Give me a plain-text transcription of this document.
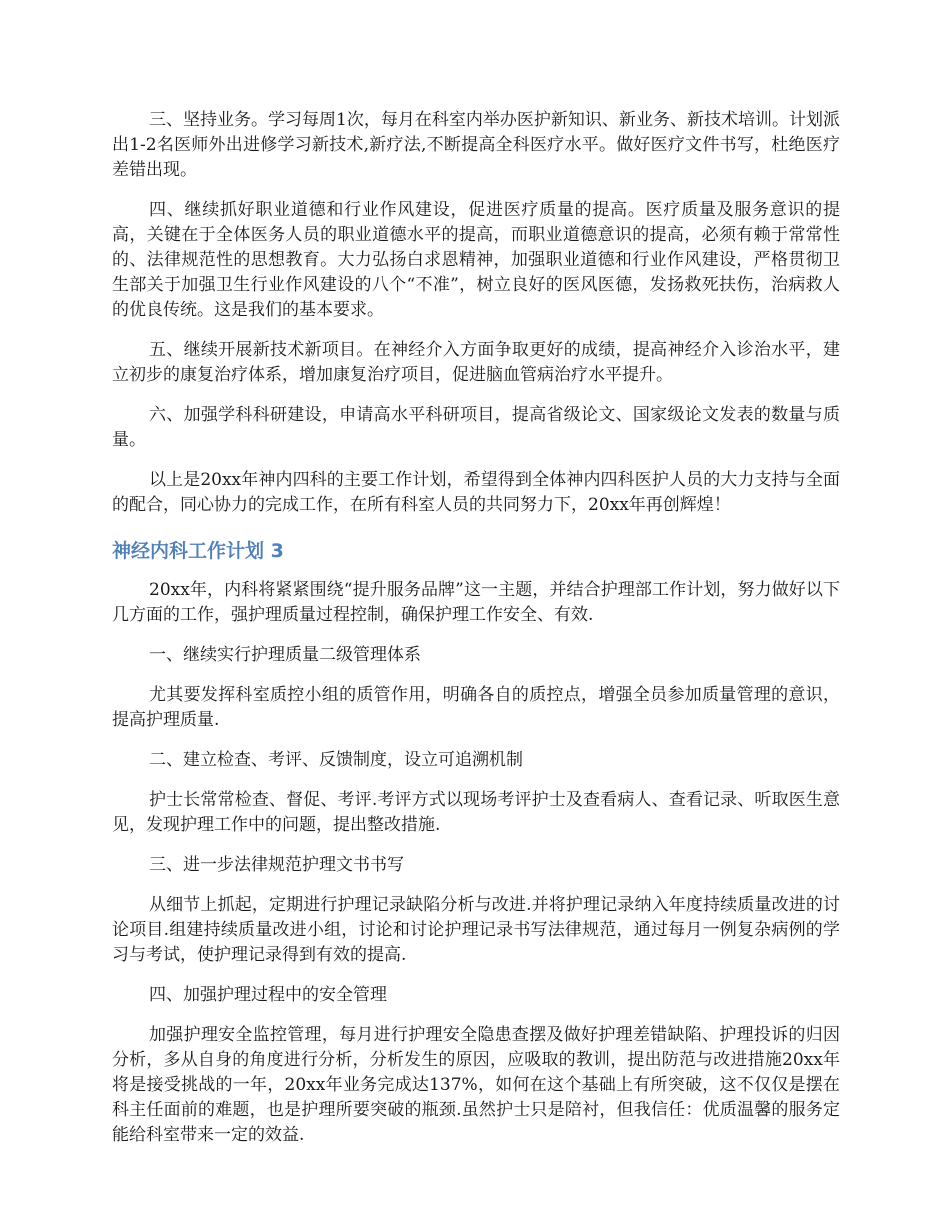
三、坚持业务。学习每周1次，每月在科室内举办医护新知识、新业务、新技术培训。计划派出1-2名医师外出进修学习新技术,新疗法,不断提高全科医疗水平。做好医疗文件书写，杜绝医疗差错出现。

四、继续抓好职业道德和行业作风建设，促进医疗质量的提高。医疗质量及服务意识的提高，关键在于全体医务人员的职业道德水平的提高，而职业道德意识的提高，必须有赖于常常性的、法律规范性的思想教育。大力弘扬白求恩精神，加强职业道德和行业作风建设，严格贯彻卫生部关于加强卫生行业作风建设的八个“不准”，树立良好的医风医德，发扬救死扶伤，治病救人的优良传统。这是我们的基本要求。

五、继续开展新技术新项目。在神经介入方面争取更好的成绩，提高神经介入诊治水平，建立初步的康复治疗体系，增加康复治疗项目，促进脑血管病治疗水平提升。

六、加强学科科研建设，申请高水平科研项目，提高省级论文、国家级论文发表的数量与质量。

以上是20xx年神内四科的主要工作计划，希望得到全体神内四科医护人员的大力支持与全面的配合，同心协力的完成工作，在所有科室人员的共同努力下，20xx年再创辉煌！

神经内科工作计划 3

20xx年，内科将紧紧围绕“提升服务品牌”这一主题，并结合护理部工作计划，努力做好以下几方面的工作，强护理质量过程控制，确保护理工作安全、有效.

一、继续实行护理质量二级管理体系

尤其要发挥科室质控小组的质管作用，明确各自的质控点，增强全员参加质量管理的意识，提高护理质量.

二、建立检查、考评、反馈制度，设立可追溯机制

护士长常常检查、督促、考评.考评方式以现场考评护士及查看病人、查看记录、听取医生意见，发现护理工作中的问题，提出整改措施.

三、进一步法律规范护理文书书写

从细节上抓起，定期进行护理记录缺陷分析与改进.并将护理记录纳入年度持续质量改进的讨论项目.组建持续质量改进小组，讨论和讨论护理记录书写法律规范，通过每月一例复杂病例的学习与考试，使护理记录得到有效的提高.

四、加强护理过程中的安全管理

加强护理安全监控管理，每月进行护理安全隐患查摆及做好护理差错缺陷、护理投诉的归因分析，多从自身的角度进行分析，分析发生的原因，应吸取的教训，提出防范与改进措施20xx年将是接受挑战的一年，20xx年业务完成达137%，如何在这个基础上有所突破，这不仅仅是摆在科主任面前的难题，也是护理所要突破的瓶颈.虽然护士只是陪衬，但我信任：优质温馨的服务定能给科室带来一定的效益.
